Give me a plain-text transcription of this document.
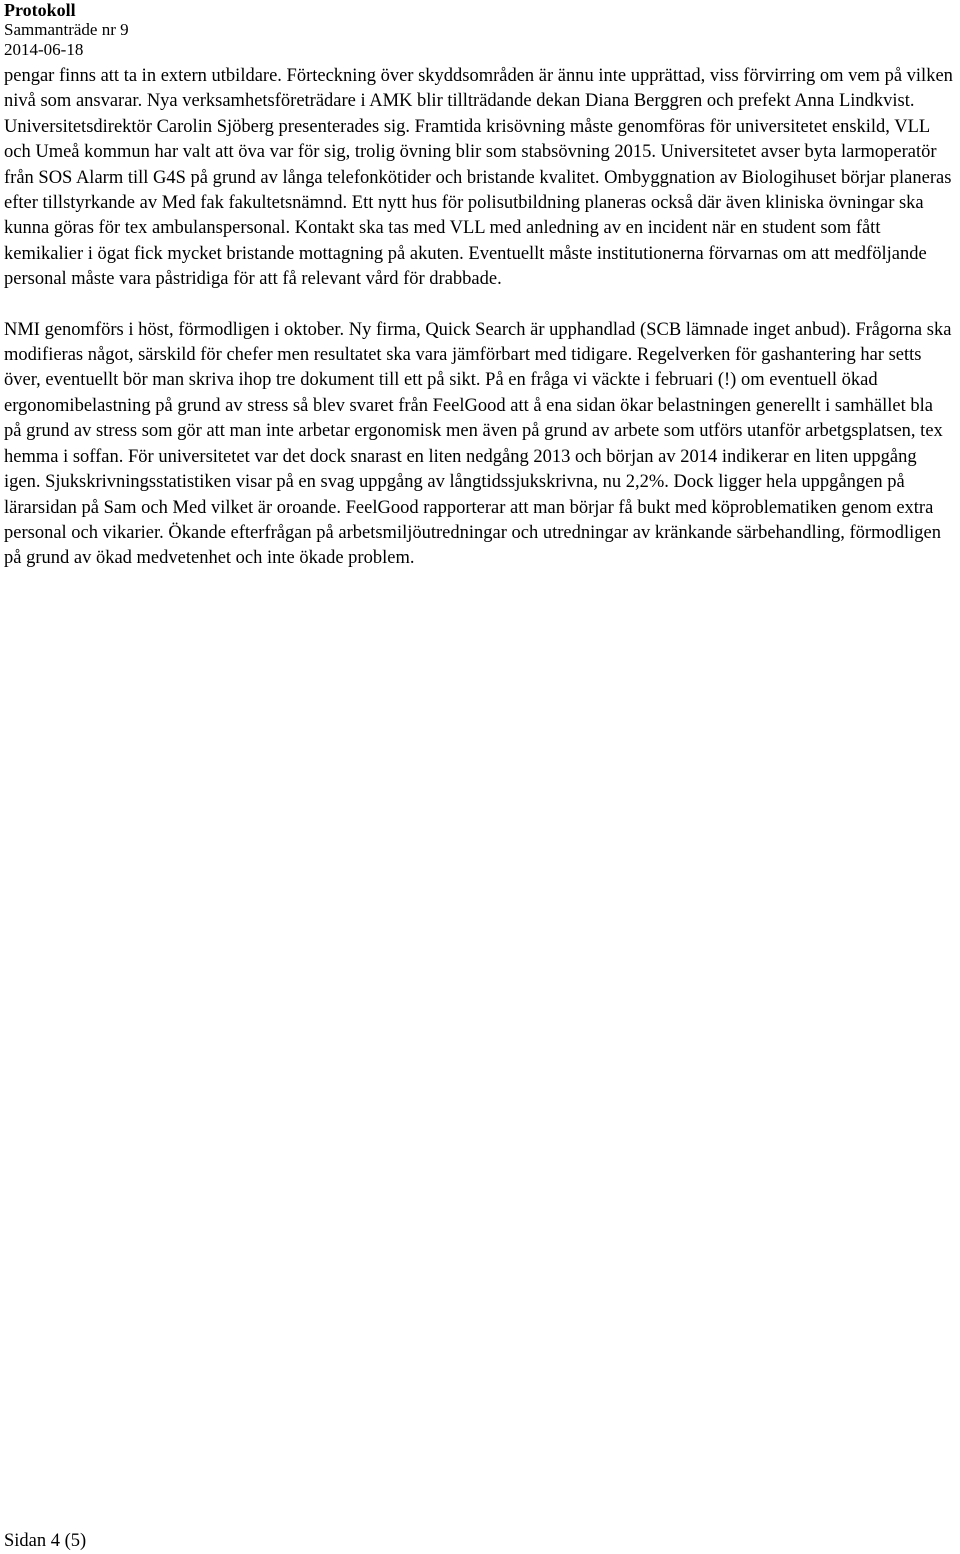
Protokoll
Sammanträde nr 9
2014-06-18

pengar finns att ta in extern utbildare. Förteckning över skyddsområden är ännu inte upprättad, viss förvirring om vem på vilken nivå som ansvarar. Nya verksamhetsföreträdare i AMK blir tillträdande dekan Diana Berggren och prefekt Anna Lindkvist. Universitetsdirektör Carolin Sjöberg presenterades sig. Framtida krisövning måste genomföras för universitetet enskild, VLL och Umeå kommun har valt att öva var för sig, trolig övning blir som stabsövning 2015. Universitetet avser byta larmoperatör från SOS Alarm till G4S på grund av långa telefonkötider och bristande kvalitet. Ombyggnation av Biologihuset börjar planeras efter tillstyrkande av Med fak fakultetsnämnd. Ett nytt hus för polisutbildning planeras också där även kliniska övningar ska kunna göras för tex ambulanspersonal. Kontakt ska tas med VLL med anledning av en incident när en student som fått kemikalier i ögat fick mycket bristande mottagning på akuten. Eventuellt måste institutionerna förvarnas om att medföljande personal måste vara påstridiga för att få relevant vård för drabbade.

NMI genomförs i höst, förmodligen i oktober. Ny firma, Quick Search är upphandlad (SCB lämnade inget anbud). Frågorna ska modifieras något, särskild för chefer men resultatet ska vara jämförbart med tidigare. Regelverken för gashantering har setts över, eventuellt bör man skriva ihop tre dokument till ett på sikt. På en fråga vi väckte i februari (!) om eventuell ökad ergonomibelastning på grund av stress så blev svaret från FeelGood att å ena sidan ökar belastningen generellt i samhället bla på grund av stress som gör att man inte arbetar ergonomisk men även på grund av arbete som utförs utanför arbetgsplatsen, tex hemma i soffan. För universitetet var det dock snarast en liten nedgång 2013 och början av 2014 indikerar en liten uppgång igen. Sjukskrivningsstatistiken visar på en svag uppgång av långtidssjukskrivna, nu 2,2%. Dock ligger hela uppgången på lärarsidan på Sam och Med vilket är oroande. FeelGood rapporterar att man börjar få bukt med köproblematiken genom extra personal och vikarier. Ökande efterfrågan på arbetsmiljöutredningar och utredningar av kränkande särbehandling, förmodligen på grund av ökad medvetenhet och inte ökade problem.

Sidan 4 (5)
